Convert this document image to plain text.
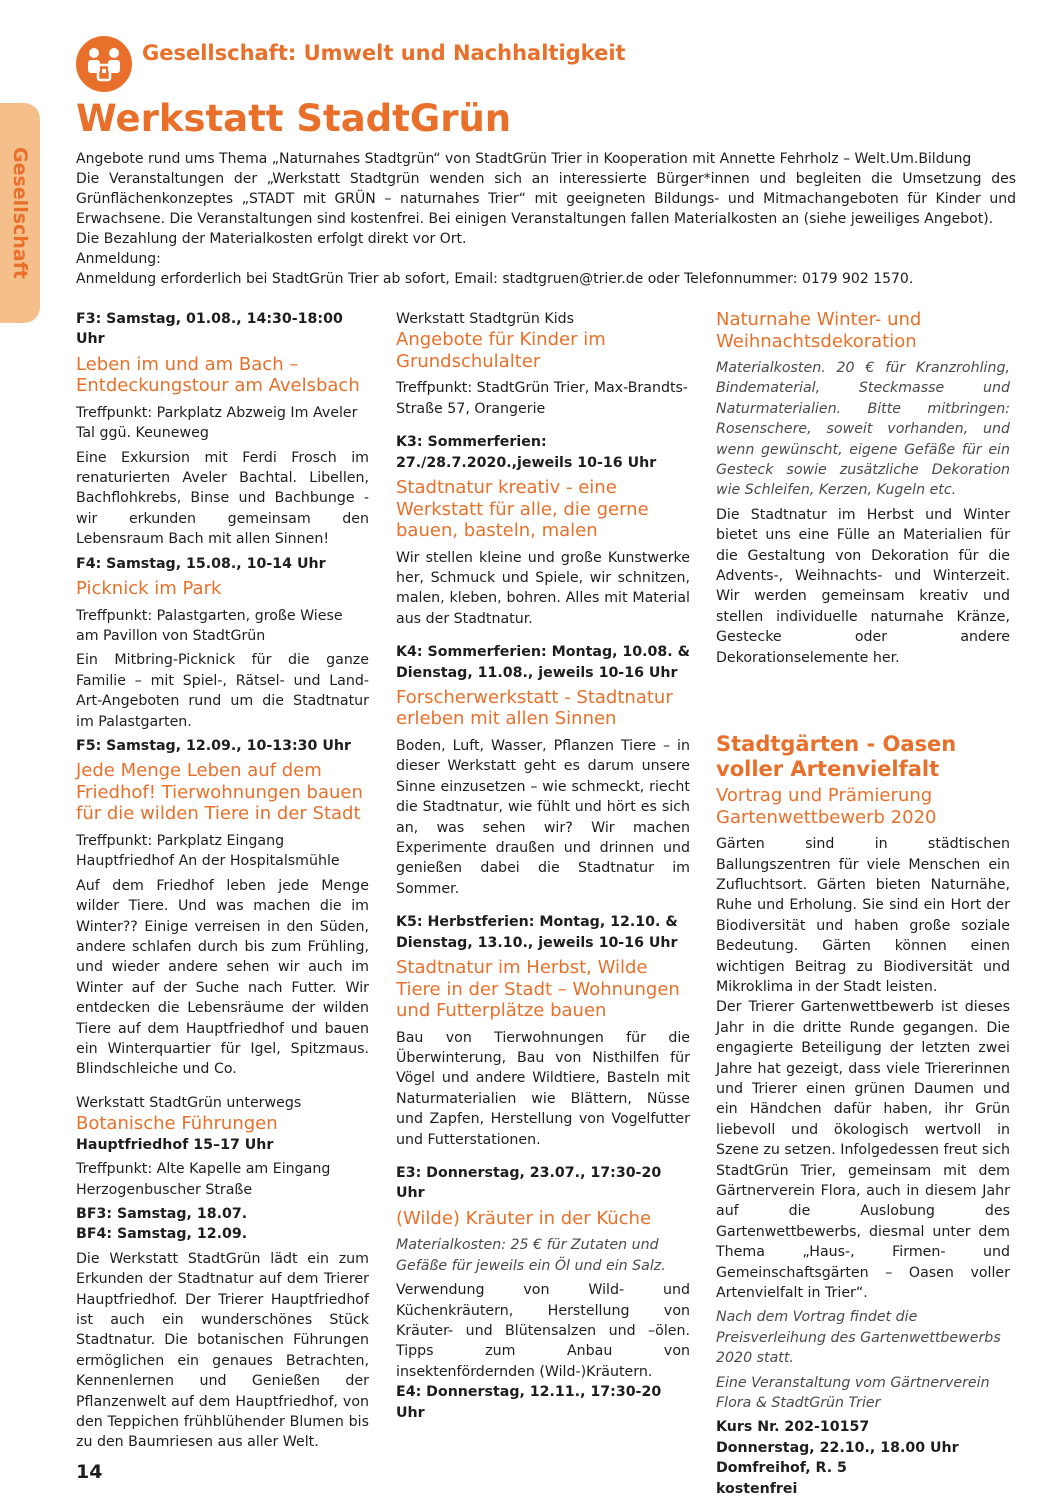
Gesellschaft
Gesellschaft: Umwelt und Nachhaltigkeit
Werkstatt StadtGrün

Angebote rund ums Thema „Naturnahes Stadtgrün“ von StadtGrün Trier in Kooperation mit Annette Fehrholz – Welt.Um.Bildung

Die Veranstaltungen der „Werkstatt Stadtgrün wenden sich an interessierte Bürger*innen und begleiten die Umsetzung des Grünflächenkonzeptes „STADT mit GRÜN – naturnahes Trier“ mit geeigneten Bildungs- und Mitmachangeboten für Kinder und Erwachsene. Die Veranstaltungen sind kostenfrei. Bei einigen Veranstaltungen fallen Materialkosten an (siehe jeweiliges Angebot).

Die Bezahlung der Materialkosten erfolgt direkt vor Ort.

Anmeldung:

Anmeldung erforderlich bei StadtGrün Trier ab sofort, Email: stadtgruen@trier.de oder Telefonnummer: 0179 902 1570.

F3: Samstag, 01.08., 14:30-18:00 Uhr

Leben im und am Bach – Entdeckungstour am Avelsbach

Treffpunkt: Parkplatz Abzweig Im Aveler Tal ggü. Keuneweg

Eine Exkursion mit Ferdi Frosch im renaturierten Aveler Bachtal. Libellen, Bachflohkrebs, Binse und Bachbunge - wir erkunden gemeinsam den Lebensraum Bach mit allen Sinnen!

F4: Samstag, 15.08., 10-14 Uhr

Picknick im Park

Treffpunkt: Palastgarten, große Wiese am Pavillon von StadtGrün

Ein Mitbring-Picknick für die ganze Familie – mit Spiel-, Rätsel- und Land-Art-Angeboten rund um die Stadtnatur im Palastgarten.

F5: Samstag, 12.09., 10-13:30 Uhr

Jede Menge Leben auf dem Friedhof! Tierwohnungen bauen für die wilden Tiere in der Stadt

Treffpunkt: Parkplatz Eingang Hauptfriedhof An der Hospitalsmühle

Auf dem Friedhof leben jede Menge wilder Tiere. Und was machen die im Winter?? Einige verreisen in den Süden, andere schlafen durch bis zum Frühling, und wieder andere sehen wir auch im Winter auf der Suche nach Futter. Wir entdecken die Lebensräume der wilden Tiere auf dem Hauptfriedhof und bauen ein Winterquartier für Igel, Spitzmaus. Blindschleiche und Co.

Werkstatt StadtGrün unterwegs

Botanische Führungen

Hauptfriedhof 15–17 Uhr

Treffpunkt: Alte Kapelle am Eingang Herzogenbuscher Straße

BF3: Samstag, 18.07.

BF4: Samstag, 12.09.

Die Werkstatt StadtGrün lädt ein zum Erkunden der Stadtnatur auf dem Trierer Hauptfriedhof. Der Trierer Hauptfriedhof ist auch ein wunderschönes Stück Stadtnatur. Die botanischen Führungen ermöglichen ein genaues Betrachten, Kennenlernen und Genießen der Pflanzenwelt auf dem Hauptfriedhof, von den Teppichen frühblühender Blumen bis zu den Baumriesen aus aller Welt.

Werkstatt Stadtgrün Kids

Angebote für Kinder im Grundschulalter

Treffpunkt: StadtGrün Trier, Max-Brandts-Straße 57, Orangerie

K3: Sommerferien: 27./28.7.2020.,jeweils 10-16 Uhr

Stadtnatur kreativ - eine Werkstatt für alle, die gerne bauen, basteln, malen

Wir stellen kleine und große Kunstwerke her, Schmuck und Spiele, wir schnitzen, malen, kleben, bohren. Alles mit Material aus der Stadtnatur.

K4: Sommerferien: Montag, 10.08. & Dienstag, 11.08., jeweils 10-16 Uhr

Forscherwerkstatt - Stadtnatur erleben mit allen Sinnen

Boden, Luft, Wasser, Pflanzen Tiere – in dieser Werkstatt geht es darum unsere Sinne einzusetzen – wie schmeckt, riecht die Stadtnatur, wie fühlt und hört es sich an, was sehen wir? Wir machen Experimente draußen und drinnen und genießen dabei die Stadtnatur im Sommer.

K5: Herbstferien: Montag, 12.10. & Dienstag, 13.10., jeweils 10-16 Uhr

Stadtnatur im Herbst, Wilde Tiere in der Stadt – Wohnungen und Futterplätze bauen

Bau von Tierwohnungen für die Überwinterung, Bau von Nisthilfen für Vögel und andere Wildtiere, Basteln mit Naturmaterialien wie Blättern, Nüsse und Zapfen, Herstellung von Vogelfutter und Futterstationen.

E3: Donnerstag, 23.07., 17:30-20 Uhr

(Wilde) Kräuter in der Küche

Materialkosten: 25 € für Zutaten und Gefäße für jeweils ein Öl und ein Salz.

Verwendung von Wild- und Küchenkräutern, Herstellung von Kräuter- und Blütensalzen und –ölen. Tipps zum Anbau von insektenfördernden (Wild-)Kräutern.

E4: Donnerstag, 12.11., 17:30-20 Uhr

Naturnahe Winter- und Weihnachtsdekoration

Materialkosten. 20 € für Kranzrohling, Bindematerial, Steckmasse und Naturmaterialien. Bitte mitbringen: Rosenschere, soweit vorhanden, und wenn gewünscht, eigene Gefäße für ein Gesteck sowie zusätzliche Dekoration wie Schleifen, Kerzen, Kugeln etc.

Die Stadtnatur im Herbst und Winter bietet uns eine Fülle an Materialien für die Gestaltung von Dekoration für die Advents-, Weihnachts- und Winterzeit. Wir werden gemeinsam kreativ und stellen individuelle naturnahe Kränze, Gestecke oder andere Dekorationselemente her.

Stadtgärten - Oasen voller Artenvielfalt

Vortrag und Prämierung Gartenwettbewerb 2020

Gärten sind in städtischen Ballungszentren für viele Menschen ein Zufluchtsort. Gärten bieten Naturnähe, Ruhe und Erholung. Sie sind ein Hort der Biodiversität und haben große soziale Bedeutung. Gärten können einen wichtigen Beitrag zu Biodiversität und Mikroklima in der Stadt leisten.

Der Trierer Gartenwettbewerb ist dieses Jahr in die dritte Runde gegangen. Die engagierte Beteiligung der letzten zwei Jahre hat gezeigt, dass viele Triererinnen und Trierer einen grünen Daumen und ein Händchen dafür haben, ihr Grün liebevoll und ökologisch wertvoll in Szene zu setzen. Infolgedessen freut sich StadtGrün Trier, gemeinsam mit dem Gärtnerverein Flora, auch in diesem Jahr auf die Auslobung des Gartenwettbewerbs, diesmal unter dem Thema „Haus-, Firmen- und Gemeinschaftsgärten – Oasen voller Artenvielfalt in Trier“.

Nach dem Vortrag findet die Preisverleihung des Gartenwettbewerbs 2020 statt.

Eine Veranstaltung vom Gärtnerverein Flora & StadtGrün Trier

Kurs Nr. 202-10157

Donnerstag, 22.10., 18.00 Uhr

Domfreihof, R. 5

kostenfrei

14
